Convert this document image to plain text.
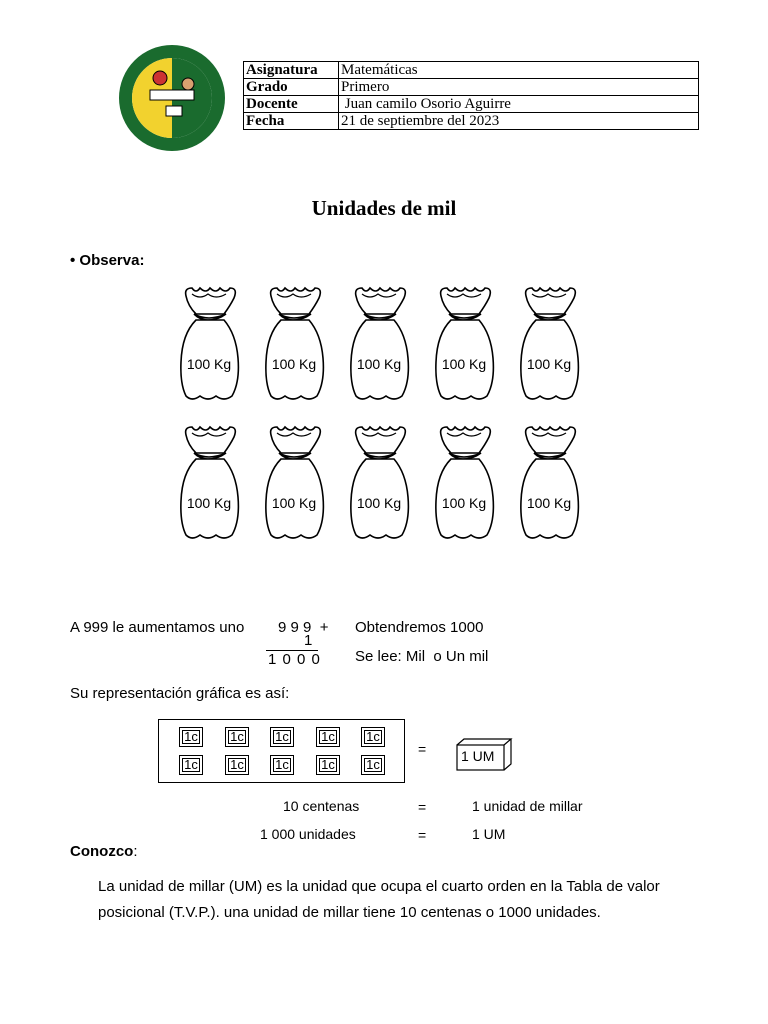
Asignatura	Matemáticas
Grado	Primero
Docente	Juan camilo Osorio Aguirre
Fecha	21 de septiembre del 2023
Unidades de mil
• Observa:
100 Kg	100 Kg	100 Kg	100 Kg	100 Kg
100 Kg	100 Kg	100 Kg	100 Kg	100 Kg
A 999 le aumentamos uno 9 9 9  +
1
1 0 0 0
Obtendremos 1000
Se lee: Mil  o Un mil
Su representación gráfica es así:
1c	1c	1c	1c	1c
1c	1c	1c	1c	1c
= 1 UM
10 centenas	=	1 unidad de millar
1 000 unidades	=	1 UM
Conozco:
La unidad de millar (UM) es la unidad que ocupa el cuarto orden en la Tabla de valor posicional (T.V.P.). una unidad de millar tiene 10 centenas o 1000 unidades.
